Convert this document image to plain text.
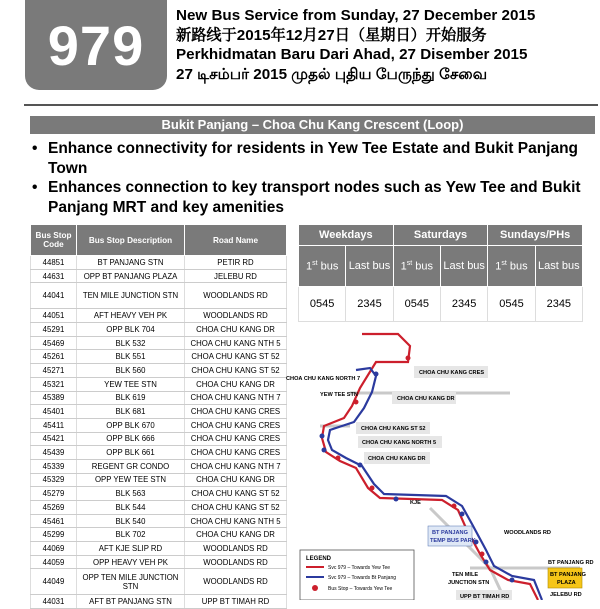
979	New Bus Service from Sunday, 27 December 2015
新路线于2015年12月27日（星期日）开始服务
Perkhidmatan Baru Dari Ahad, 27 Disember 2015
27 டிசம்பர் 2015 முதல் புதிய பேருந்து சேவை
Bukit Panjang – Choa Chu Kang Crescent (Loop)
• Enhance connectivity for residents in Yew Tee Estate and Bukit Panjang Town
• Enhances connection to key transport nodes such as Yew Tee and Bukit Panjang MRT and key amenities
Bus Stop Code	Bus Stop Description	Road Name
44851	BT PANJANG STN	PETIR RD
44631	OPP BT PANJANG PLAZA	JELEBU RD
44041	TEN MILE JUNCTION STN	WOODLANDS RD
44051	AFT HEAVY VEH PK	WOODLANDS RD
45291	OPP BLK 704	CHOA CHU KANG DR
45469	BLK 532	CHOA CHU KANG NTH 5
45261	BLK 551	CHOA CHU KANG ST 52
45271	BLK 560	CHOA CHU KANG ST 52
45321	YEW TEE STN	CHOA CHU KANG DR
45389	BLK 619	CHOA CHU KANG NTH 7
45401	BLK 681	CHOA CHU KANG CRES
45411	OPP BLK 670	CHOA CHU KANG CRES
45421	OPP BLK 666	CHOA CHU KANG CRES
45439	OPP BLK 661	CHOA CHU KANG CRES
45339	REGENT GR CONDO	CHOA CHU KANG NTH 7
45329	OPP YEW TEE STN	CHOA CHU KANG DR
45279	BLK 563	CHOA CHU KANG ST 52
45269	BLK 544	CHOA CHU KANG ST 52
45461	BLK 540	CHOA CHU KANG NTH 5
45299	BLK 702	CHOA CHU KANG DR
44069	AFT KJE SLIP RD	WOODLANDS RD
44059	OPP HEAVY VEH PK	WOODLANDS RD
44049	OPP TEN MILE JUNCTION STN	WOODLANDS RD
44031	AFT BT PANJANG STN	UPP BT TIMAH RD
Weekdays		Saturdays		Sundays/PHs	
1st bus	Last bus	1st bus	Last bus	1st bus	Last bus
0545	2345	0545	2345	0545	2345
CHOA CHU KANG NORTH 7
CHOA CHU KANG CRES
YEW TEE STN
CHOA CHU KANG DR
CHOA CHU KANG ST 52
CHOA CHU KANG NORTH 5
CHOA CHU KANG DR
KJE
BT PANJANG
TEMP BUS PARK
WOODLANDS RD
TEN MILE
JUNCTION STN
BT PANJANG RD
BT PANJANG
PLAZA
JELEBU RD
UPP BT TIMAH RD
LEGEND
Svc 979 – Towards Yew Tee
Svc 979 – Towards Bt Panjang
Bus Stop – Towards Yew Tee
